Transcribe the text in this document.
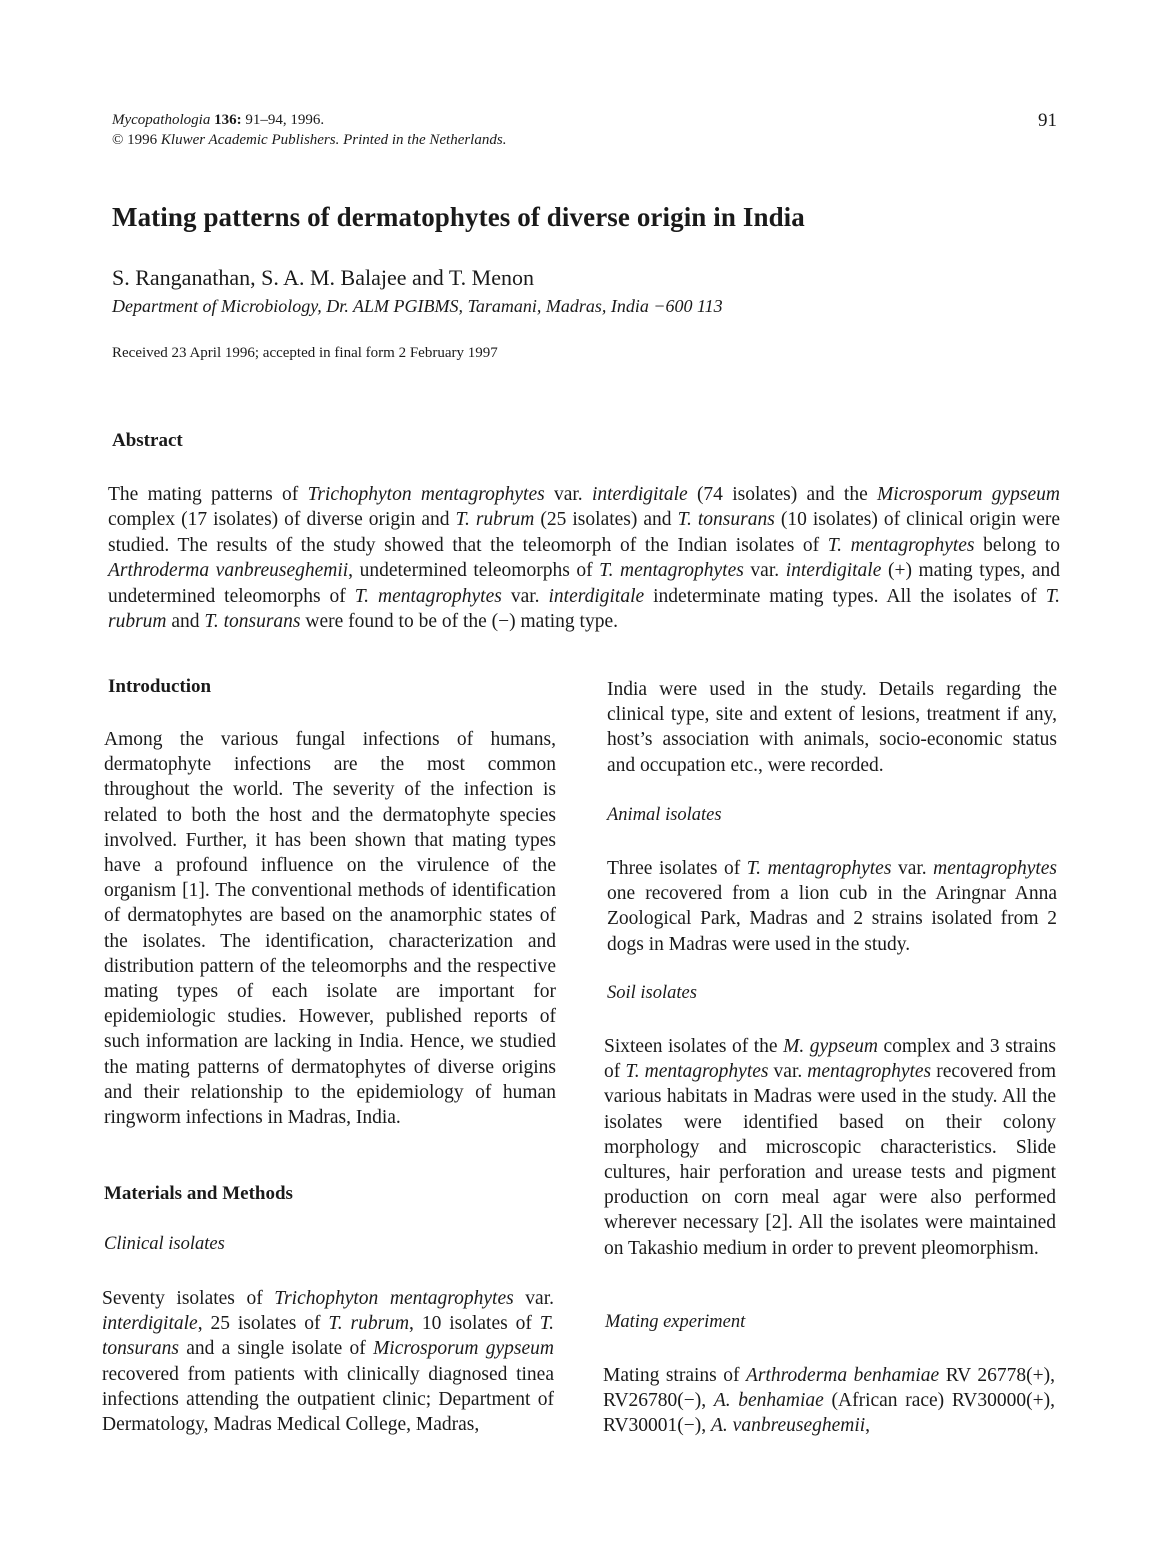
Mycopathologia 136: 91–94, 1996.
© 1996 Kluwer Academic Publishers. Printed in the Netherlands.
91
Mating patterns of dermatophytes of diverse origin in India
S. Ranganathan, S. A. M. Balajee and T. Menon
Department of Microbiology, Dr. ALM PGIBMS, Taramani, Madras, India −600 113
Received 23 April 1996; accepted in final form 2 February 1997
Abstract
The mating patterns of Trichophyton mentagrophytes var. interdigitale (74 isolates) and the Microsporum gypseum complex (17 isolates) of diverse origin and T. rubrum (25 isolates) and T. tonsurans (10 isolates) of clinical origin were studied. The results of the study showed that the teleomorph of the Indian isolates of T. mentagrophytes belong to Arthroderma vanbreuseghemii, undetermined teleomorphs of T. mentagrophytes var. interdigitale (+) mating types, and undetermined teleomorphs of T. mentagrophytes var. interdigitale indeterminate mating types. All the isolates of T. rubrum and T. tonsurans were found to be of the (−) mating type.
Introduction
Among the various fungal infections of humans, dermatophyte infections are the most common throughout the world. The severity of the infection is related to both the host and the dermatophyte species involved. Further, it has been shown that mating types have a profound influence on the virulence of the organism [1]. The conventional methods of identification of dermatophytes are based on the anamorphic states of the isolates. The identification, characterization and distribution pattern of the teleomorphs and the respective mating types of each isolate are important for epidemiologic studies. However, published reports of such information are lacking in India. Hence, we studied the mating patterns of dermatophytes of diverse origins and their relationship to the epidemiology of human ringworm infections in Madras, India.
Materials and Methods
Clinical isolates
Seventy isolates of Trichophyton mentagrophytes var. interdigitale, 25 isolates of T. rubrum, 10 isolates of T. tonsurans and a single isolate of Microsporum gypseum recovered from patients with clinically diagnosed tinea infections attending the outpatient clinic; Department of Dermatology, Madras Medical College, Madras,
India were used in the study. Details regarding the clinical type, site and extent of lesions, treatment if any, host’s association with animals, socio-economic status and occupation etc., were recorded.
Animal isolates
Three isolates of T. mentagrophytes var. mentagrophytes one recovered from a lion cub in the Aringnar Anna Zoological Park, Madras and 2 strains isolated from 2 dogs in Madras were used in the study.
Soil isolates
Sixteen isolates of the M. gypseum complex and 3 strains of T. mentagrophytes var. mentagrophytes recovered from various habitats in Madras were used in the study. All the isolates were identified based on their colony morphology and microscopic characteristics. Slide cultures, hair perforation and urease tests and pigment production on corn meal agar were also performed wherever necessary [2]. All the isolates were maintained on Takashio medium in order to prevent pleomorphism.
Mating experiment
Mating strains of Arthroderma benhamiae RV 26778(+), RV26780(−), A. benhamiae (African race) RV30000(+), RV30001(−), A. vanbreuseghemii,
